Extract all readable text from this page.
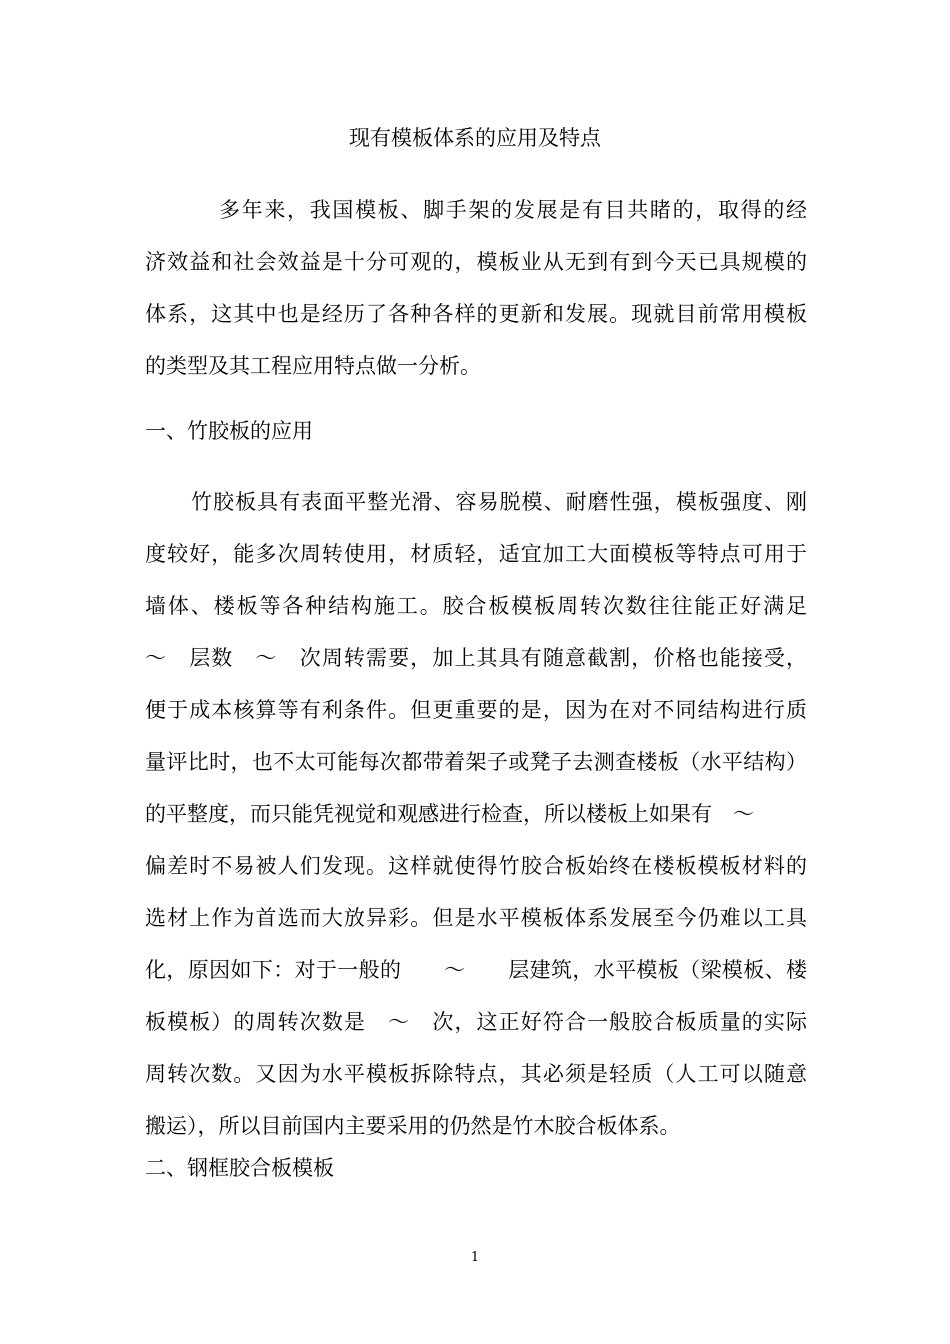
现有模板体系的应用及特点
多年来，我国模板、脚手架的发展是有目共睹的，取得的经
济效益和社会效益是十分可观的，模板业从无到有到今天已具规模的
体系，这其中也是经历了各种各样的更新和发展。现就目前常用模板
的类型及其工程应用特点做一分析。
一、竹胶板的应用
竹胶板具有表面平整光滑、容易脱模、耐磨性强，模板强度、刚
度较好，能多次周转使用，材质轻，适宜加工大面模板等特点可用于
墙体、楼板等各种结构施工。胶合板模板周转次数往往能正好满足
～　层数　～　次周转需要，加上其具有随意截割，价格也能接受，
便于成本核算等有利条件。但更重要的是，因为在对不同结构进行质
量评比时，也不太可能每次都带着架子或凳子去测查楼板（水平结构）
的平整度，而只能凭视觉和观感进行检查，所以楼板上如果有　～
偏差时不易被人们发现。这样就使得竹胶合板始终在楼板模板材料的
选材上作为首选而大放异彩。但是水平模板体系发展至今仍难以工具
化，原因如下：对于一般的　　～　　层建筑，水平模板（梁模板、楼
板模板）的周转次数是　～　次，这正好符合一般胶合板质量的实际
周转次数。又因为水平模板拆除特点，其必须是轻质（人工可以随意
搬运），所以目前国内主要采用的仍然是竹木胶合板体系。
二、钢框胶合板模板
1
